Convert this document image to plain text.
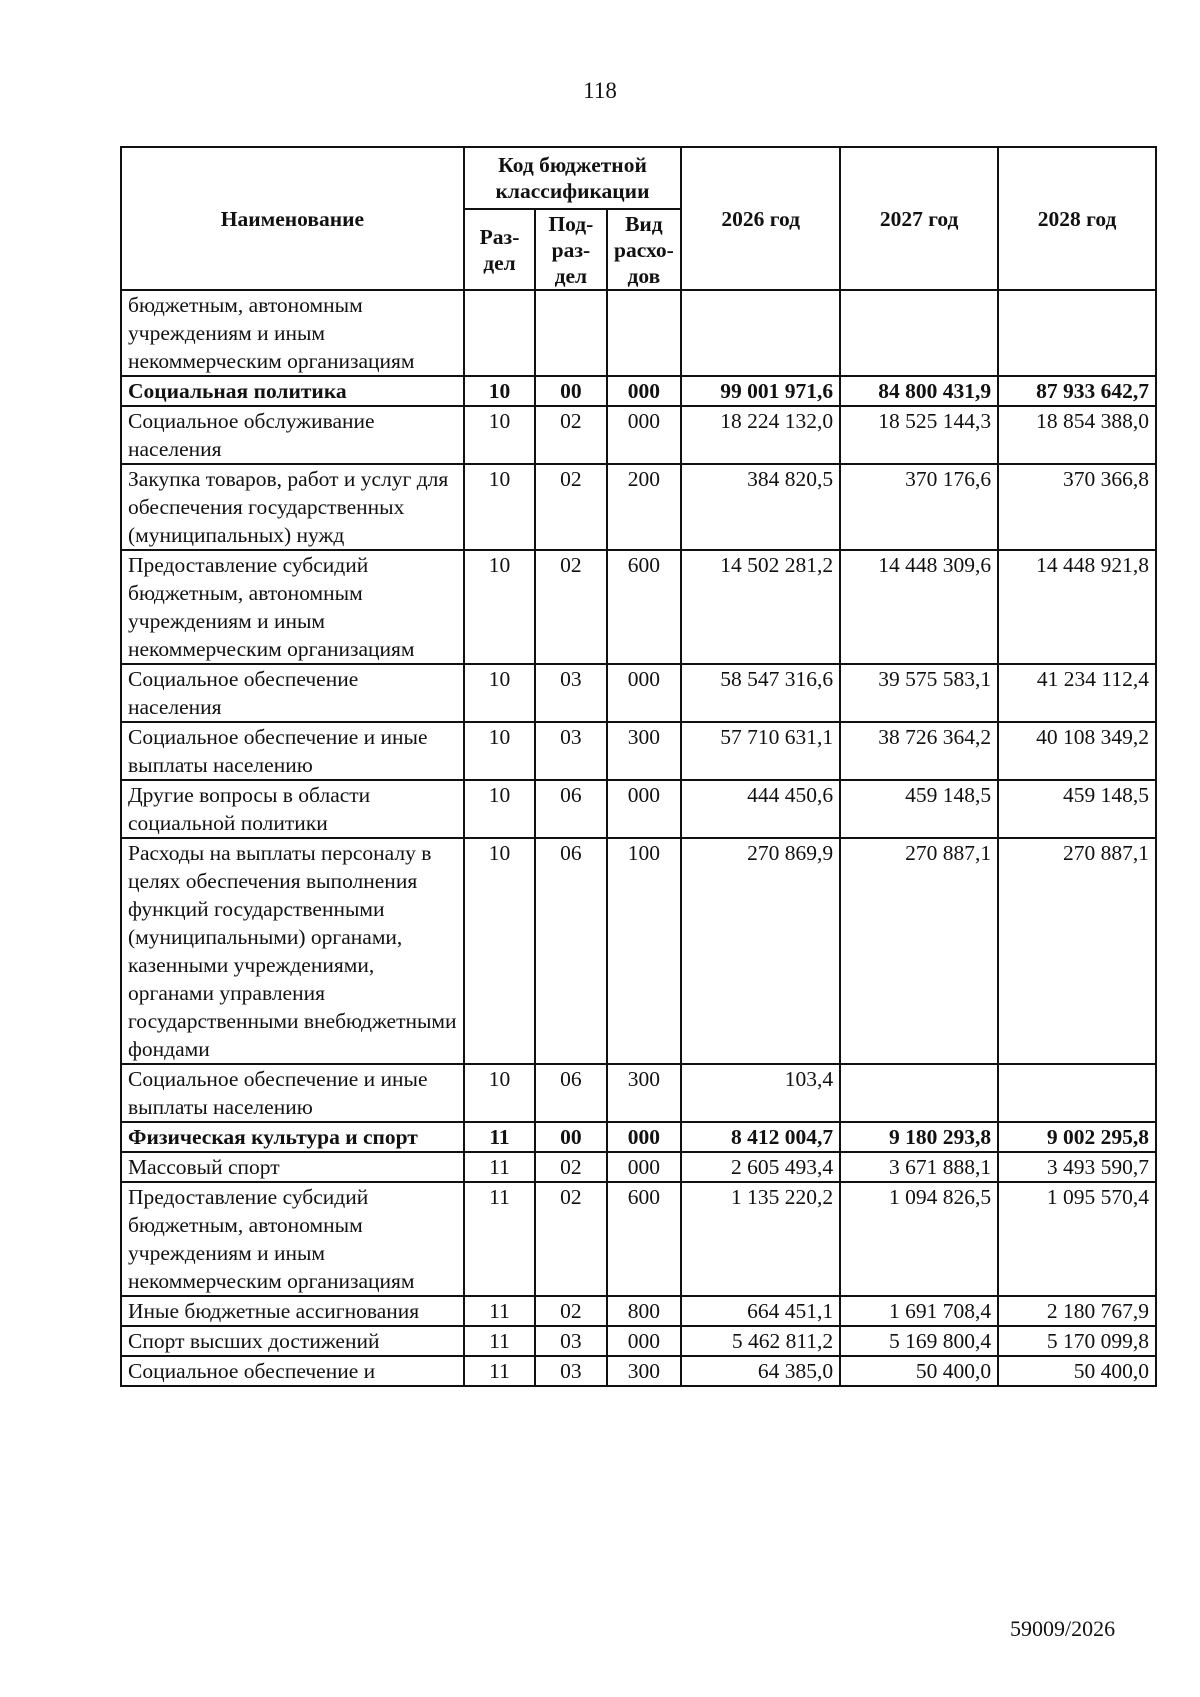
118
Наименование	Код бюджетной классификации			2026 год	2027 год	2028 год
	Раз-дел	Под-раз-дел	Вид расхо-дов			
бюджетным, автономным учреждениям и иным некоммерческим организациям						
Социальная политика	10	00	000	99 001 971,6	84 800 431,9	87 933 642,7
Социальное обслуживание населения	10	02	000	18 224 132,0	18 525 144,3	18 854 388,0
Закупка товаров, работ и услуг для обеспечения государственных (муниципальных) нужд	10	02	200	384 820,5	370 176,6	370 366,8
Предоставление субсидий бюджетным, автономным учреждениям и иным некоммерческим организациям	10	02	600	14 502 281,2	14 448 309,6	14 448 921,8
Социальное обеспечение населения	10	03	000	58 547 316,6	39 575 583,1	41 234 112,4
Социальное обеспечение и иные выплаты населению	10	03	300	57 710 631,1	38 726 364,2	40 108 349,2
Другие вопросы в области социальной политики	10	06	000	444 450,6	459 148,5	459 148,5
Расходы на выплаты персоналу в целях обеспечения выполнения функций государственными (муниципальными) органами, казенными учреждениями, органами управления государственными внебюджетными фондами	10	06	100	270 869,9	270 887,1	270 887,1
Социальное обеспечение и иные выплаты населению	10	06	300	103,4		
Физическая культура и спорт	11	00	000	8 412 004,7	9 180 293,8	9 002 295,8
Массовый спорт	11	02	000	2 605 493,4	3 671 888,1	3 493 590,7
Предоставление субсидий бюджетным, автономным учреждениям и иным некоммерческим организациям	11	02	600	1 135 220,2	1 094 826,5	1 095 570,4
Иные бюджетные ассигнования	11	02	800	664 451,1	1 691 708,4	2 180 767,9
Спорт высших достижений	11	03	000	5 462 811,2	5 169 800,4	5 170 099,8
Социальное обеспечение и	11	03	300	64 385,0	50 400,0	50 400,0
59009/2026
